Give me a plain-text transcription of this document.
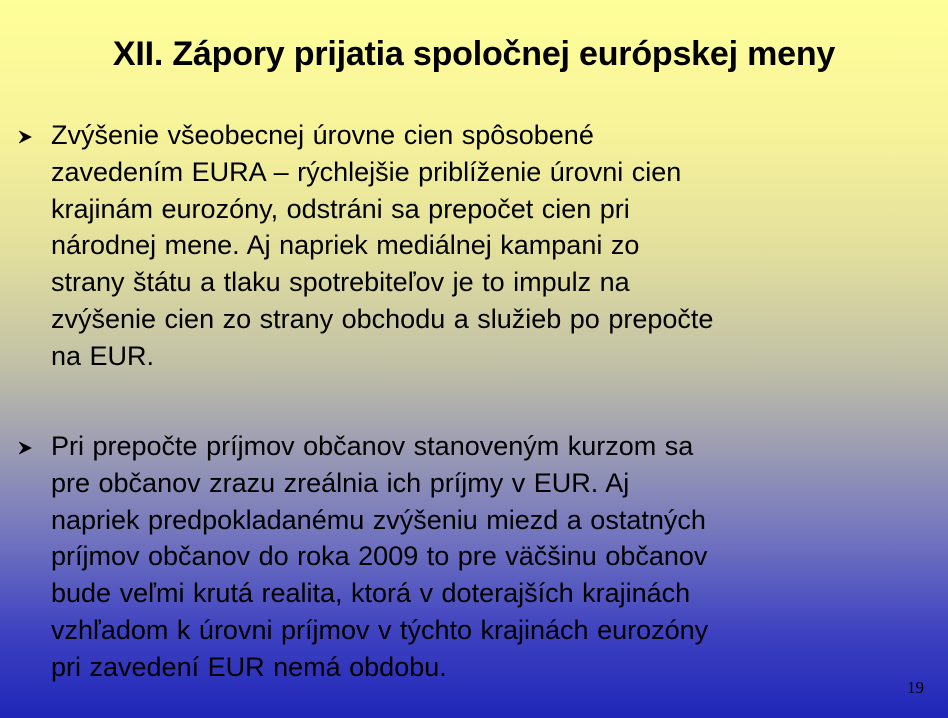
XII. Zápory prijatia spoločnej európskej meny
Zvýšenie všeobecnej úrovne cien spôsobené
zavedením EURA – rýchlejšie priblíženie úrovni cien
krajinám eurozóny, odstráni sa prepočet cien pri
národnej mene. Aj napriek mediálnej kampani zo
strany štátu a tlaku spotrebiteľov je to impulz na
zvýšenie cien zo strany obchodu a služieb po prepočte
na EUR.
Pri prepočte príjmov občanov stanoveným kurzom sa
pre občanov zrazu zreálnia ich príjmy v EUR. Aj
napriek predpokladanému zvýšeniu miezd a ostatných
príjmov občanov do roka 2009 to pre väčšinu občanov
bude veľmi krutá realita, ktorá v doterajších krajinách
vzhľadom k úrovni príjmov v týchto krajinách eurozóny
pri zavedení EUR nemá obdobu.
19
